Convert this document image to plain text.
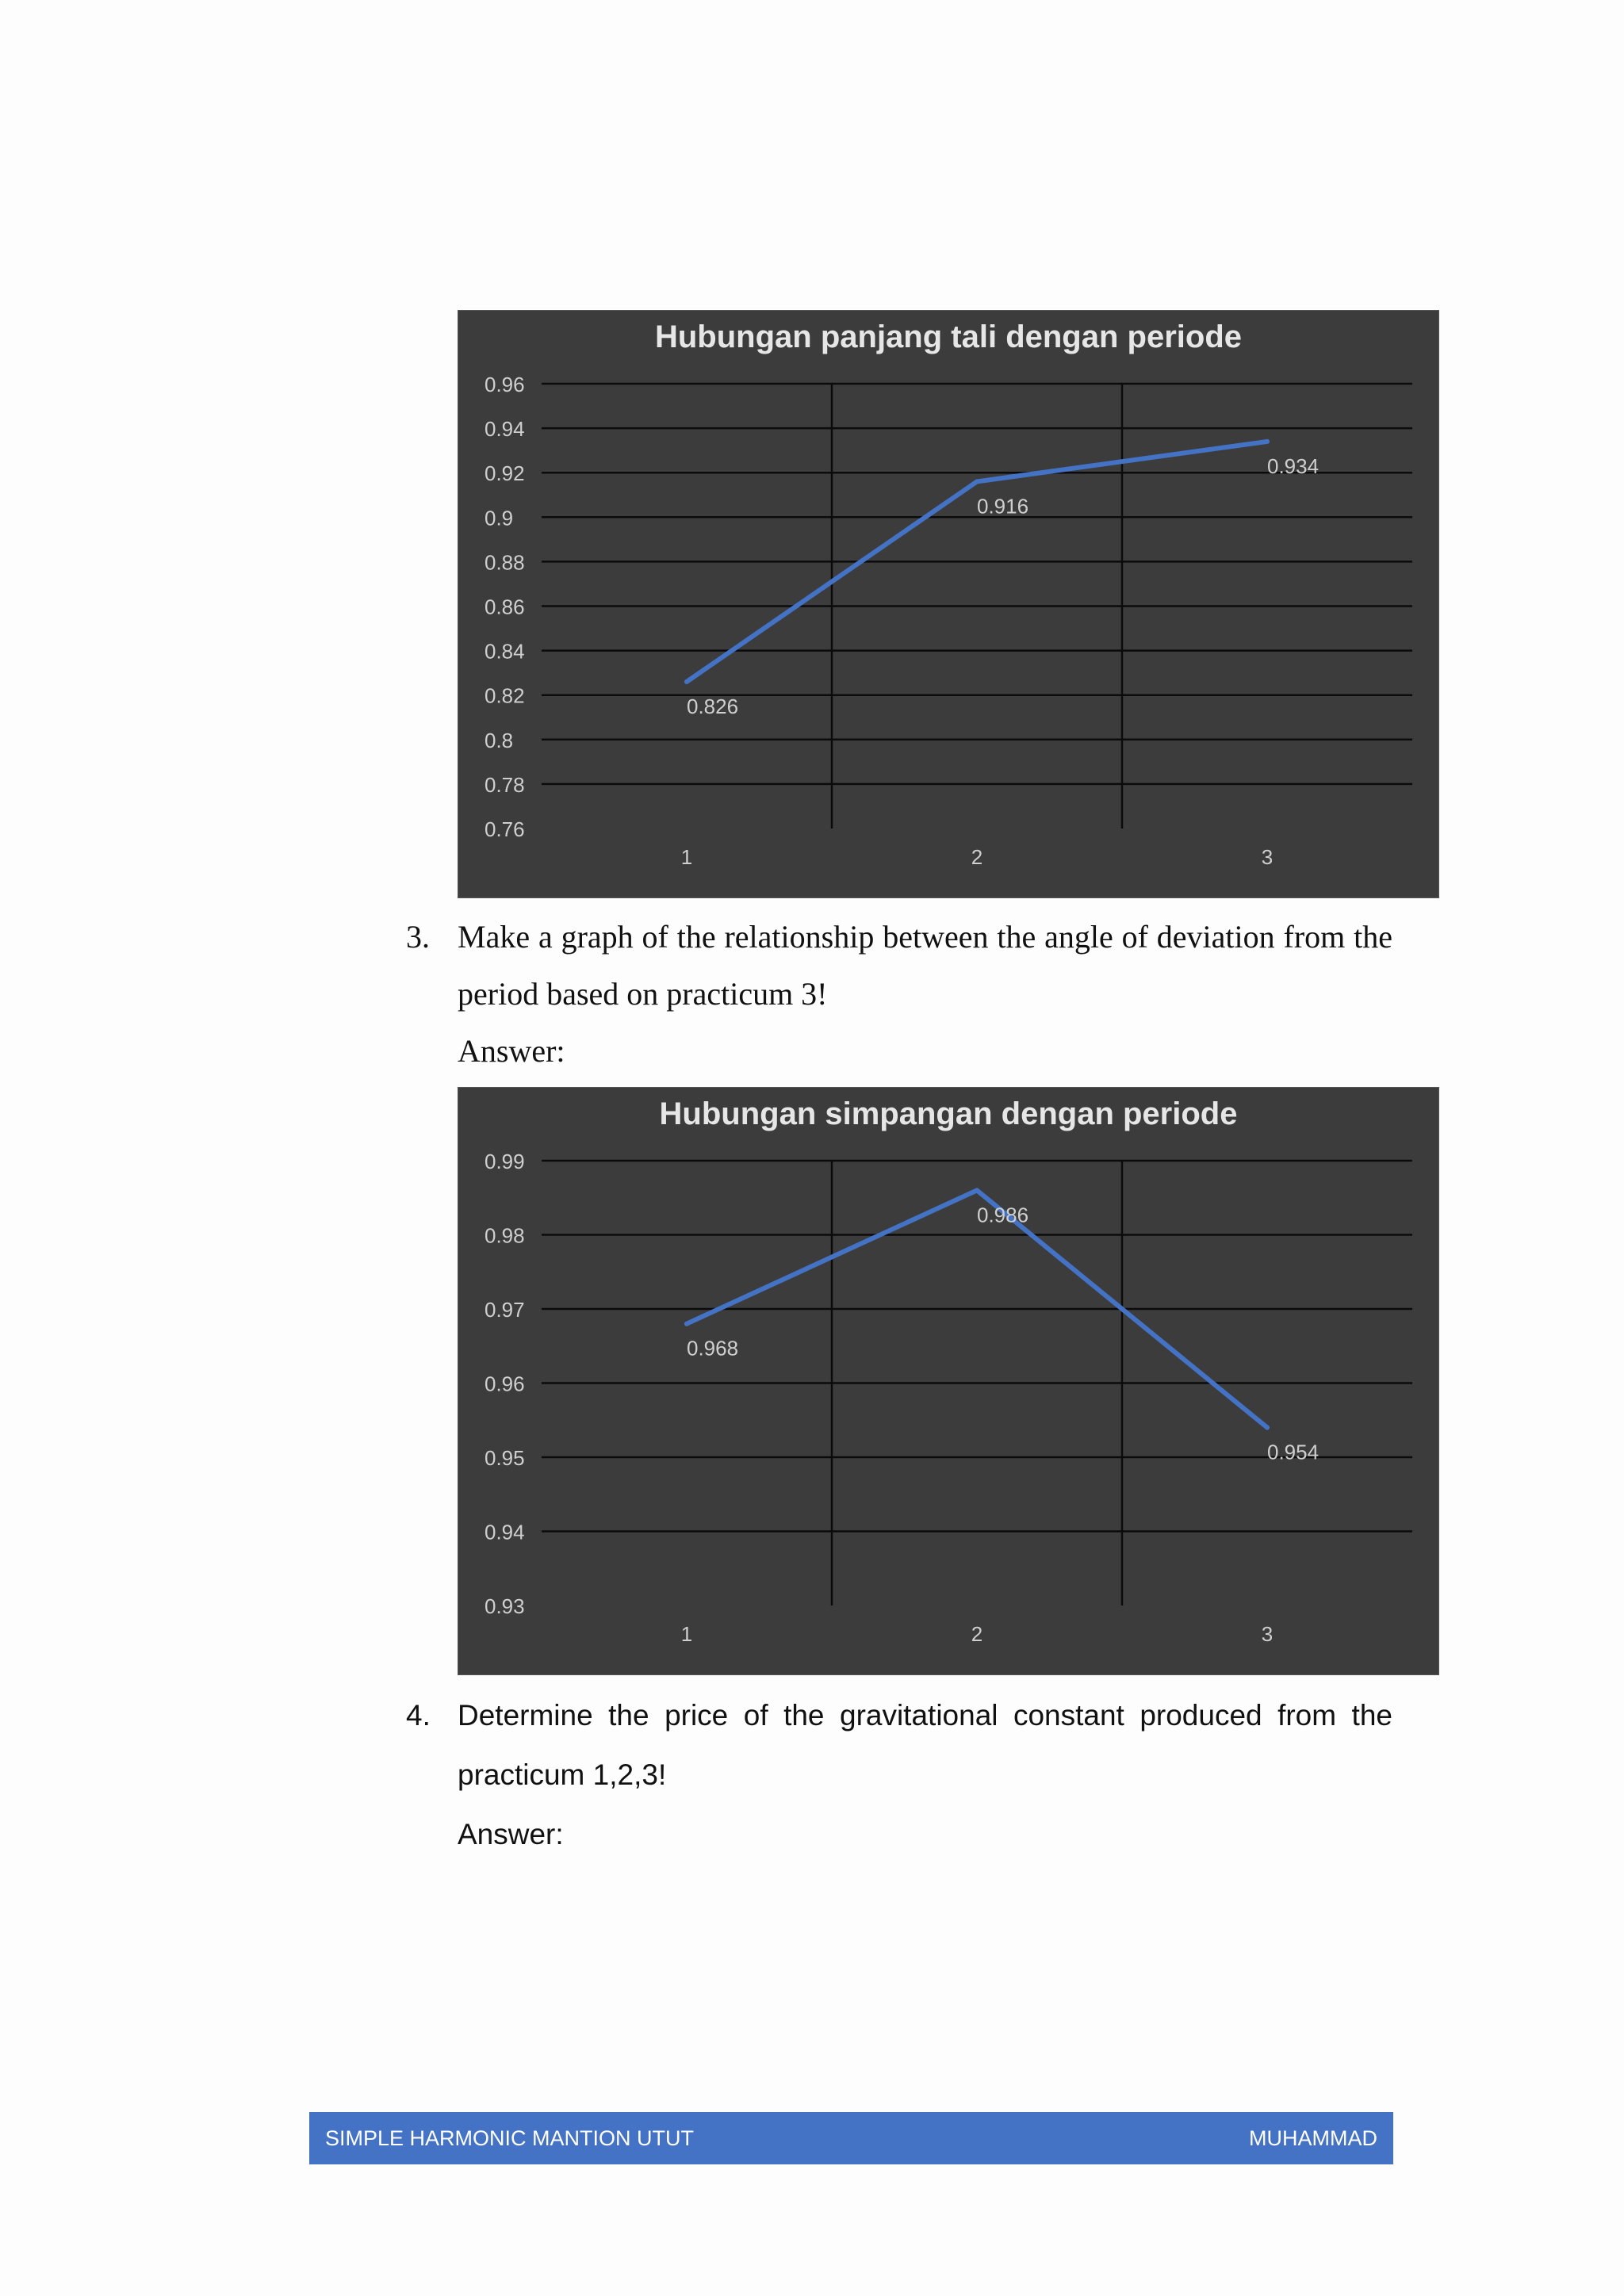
Hubungan panjang tali dengan periode
0.96
0.94
0.92
0.9
0.88
0.86
0.84
0.82
0.8
0.78
0.76
1	2	3
0.826
0.916
0.934
3. Make a graph of the relationship between the angle of deviation from the period based on practicum 3!
Answer:
Hubungan simpangan dengan periode
0.99
0.98
0.97
0.96
0.95
0.94
0.93
1	2	3
0.968
0.986
0.954
4. Determine the price of the gravitational constant produced from the practicum 1,2,3!
Answer:
SIMPLE HARMONIC MANTION UTUT	MUHAMMAD
